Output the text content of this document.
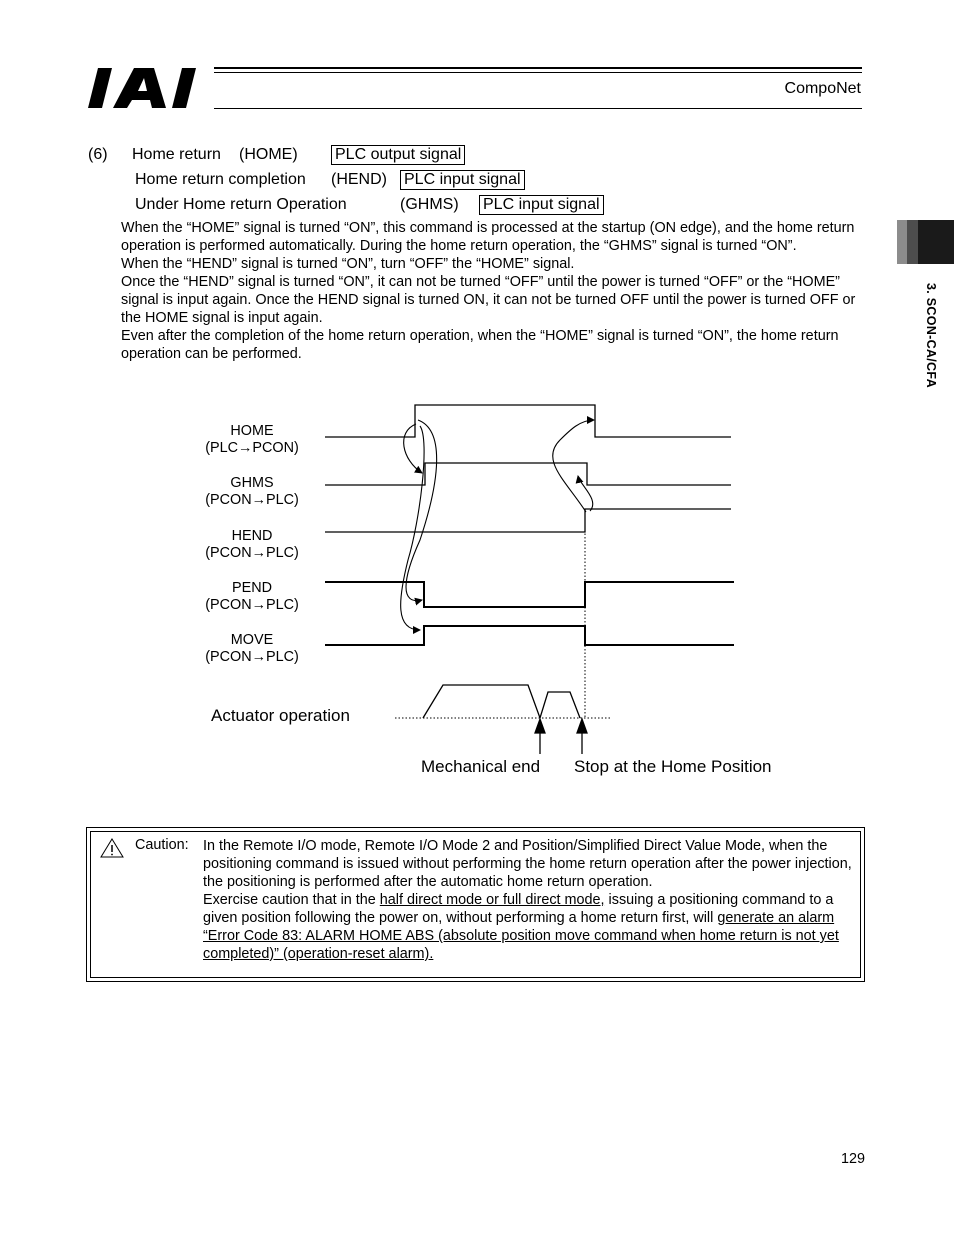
CompoNet
3. SCON-CA/CFA
(6) Home return (HOME) PLC output signal
Home return completion (HEND) PLC input signal
Under Home return Operation	(GHMS) PLC input signal

When the “HOME” signal is turned “ON”, this command is processed at the startup (ON edge), and the home return operation is performed automatically. During the home return operation, the “GHMS” signal is turned “ON”.

When the “HEND” signal is turned “ON”, turn “OFF” the “HOME” signal.

Once the “HEND” signal is turned “ON”, it can not be turned “OFF” until the power is turned “OFF” or the “HOME” signal is input again. Once the HEND signal is turned ON, it can not be turned OFF until the power is turned OFF or the HOME signal is input again.

Even after the completion of the home return operation, when the “HOME” signal is turned “ON”, the home return operation can be performed.

HOME
(PLC→PCON)
GHMS
(PCON→PLC)
HEND
(PCON→PLC)
PEND
(PCON→PLC)
MOVE
(PCON→PLC)
Actuator operation
Mechanical end Stop at the Home Position
Caution: In the Remote I/O mode, Remote I/O Mode 2 and Position/Simplified Direct Value Mode, when the positioning command is issued without performing the home return operation after the power injection, the positioning is performed after the automatic home return operation.
Exercise caution that in the half direct mode or full direct mode, issuing a positioning command to a given position following the power on, without performing a home return first, will generate an alarm “Error Code 83: ALARM HOME ABS (absolute position move command when home return is not yet completed)” (operation-reset alarm).
129
